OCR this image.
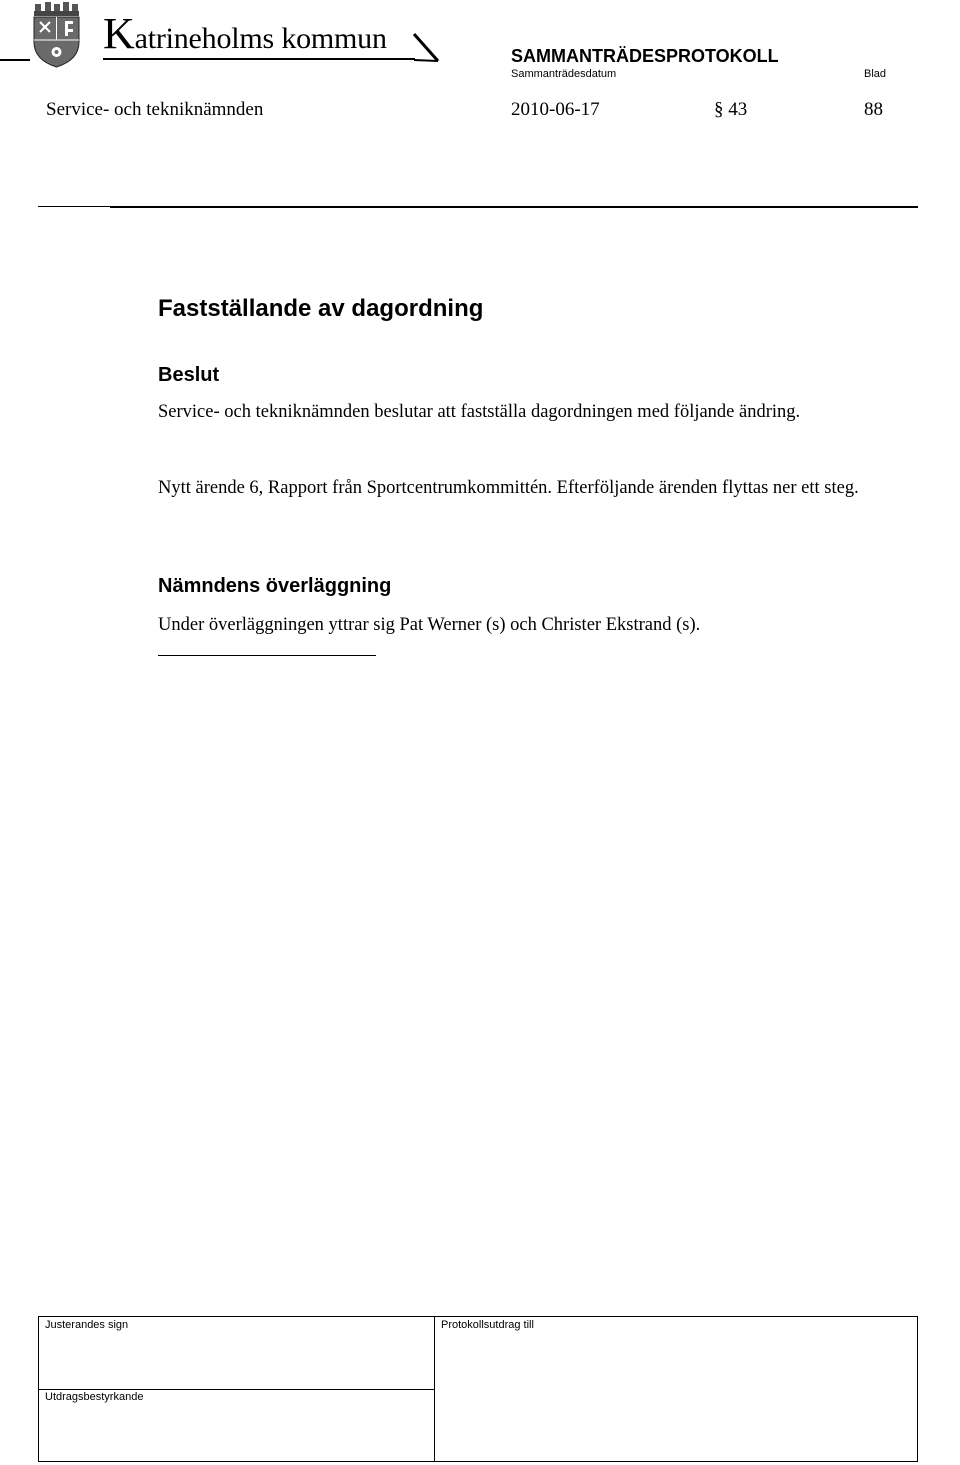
Katrineholms kommun
SAMMANTRÄDESPROTOKOLL
Sammanträdesdatum	Blad
Service- och tekniknämnden	2010-06-17	§ 43	88
Fastställande av dagordning
Beslut
Service- och tekniknämnden beslutar att fastställa dagordningen med följande ändring.
Nytt ärende 6, Rapport från Sportcentrumkommittén. Efterföljande ärenden flyttas ner ett steg.
Nämndens överläggning
Under överläggningen yttrar sig Pat Werner (s) och Christer Ekstrand (s).
Justerandes sign	Protokollsutdrag till
Utdragsbestyrkande
